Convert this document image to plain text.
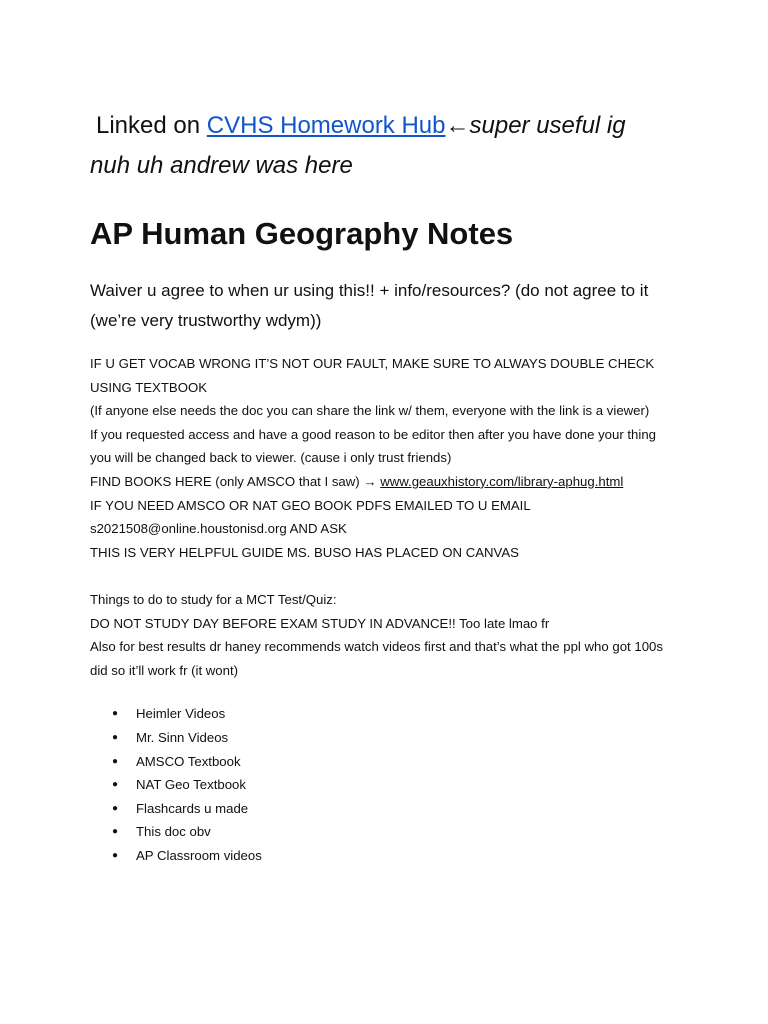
Linked on CVHS Homework Hub←super useful ig

nuh uh andrew was here

AP Human Geography Notes
Waiver u agree to when ur using this!! + info/resources? (do not agree to it
(we’re very trustworthy wdym))

IF U GET VOCAB WRONG IT’S NOT OUR FAULT, MAKE SURE TO ALWAYS DOUBLE CHECK

USING TEXTBOOK

(If anyone else needs the doc you can share the link w/ them, everyone with the link is a viewer)

If you requested access and have a good reason to be editor then after you have done your thing

you will be changed back to viewer. (cause i only trust friends)

FIND BOOKS HERE (only AMSCO that I saw) → www.geauxhistory.com/library-aphug.html

IF YOU NEED AMSCO OR NAT GEO BOOK PDFS EMAILED TO U EMAIL

s2021508@online.houstonisd.org AND ASK

THIS IS VERY HELPFUL GUIDE MS. BUSO HAS PLACED ON CANVAS

Things to do to study for a MCT Test/Quiz:

DO NOT STUDY DAY BEFORE EXAM STUDY IN ADVANCE!! Too late lmao fr

Also for best results dr haney recommends watch videos first and that’s what the ppl who got 100s

did so it’ll work fr (it wont)

● Heimler Videos
● Mr. Sinn Videos
● AMSCO Textbook
● NAT Geo Textbook
● Flashcards u made
● This doc obv
● AP Classroom videos
